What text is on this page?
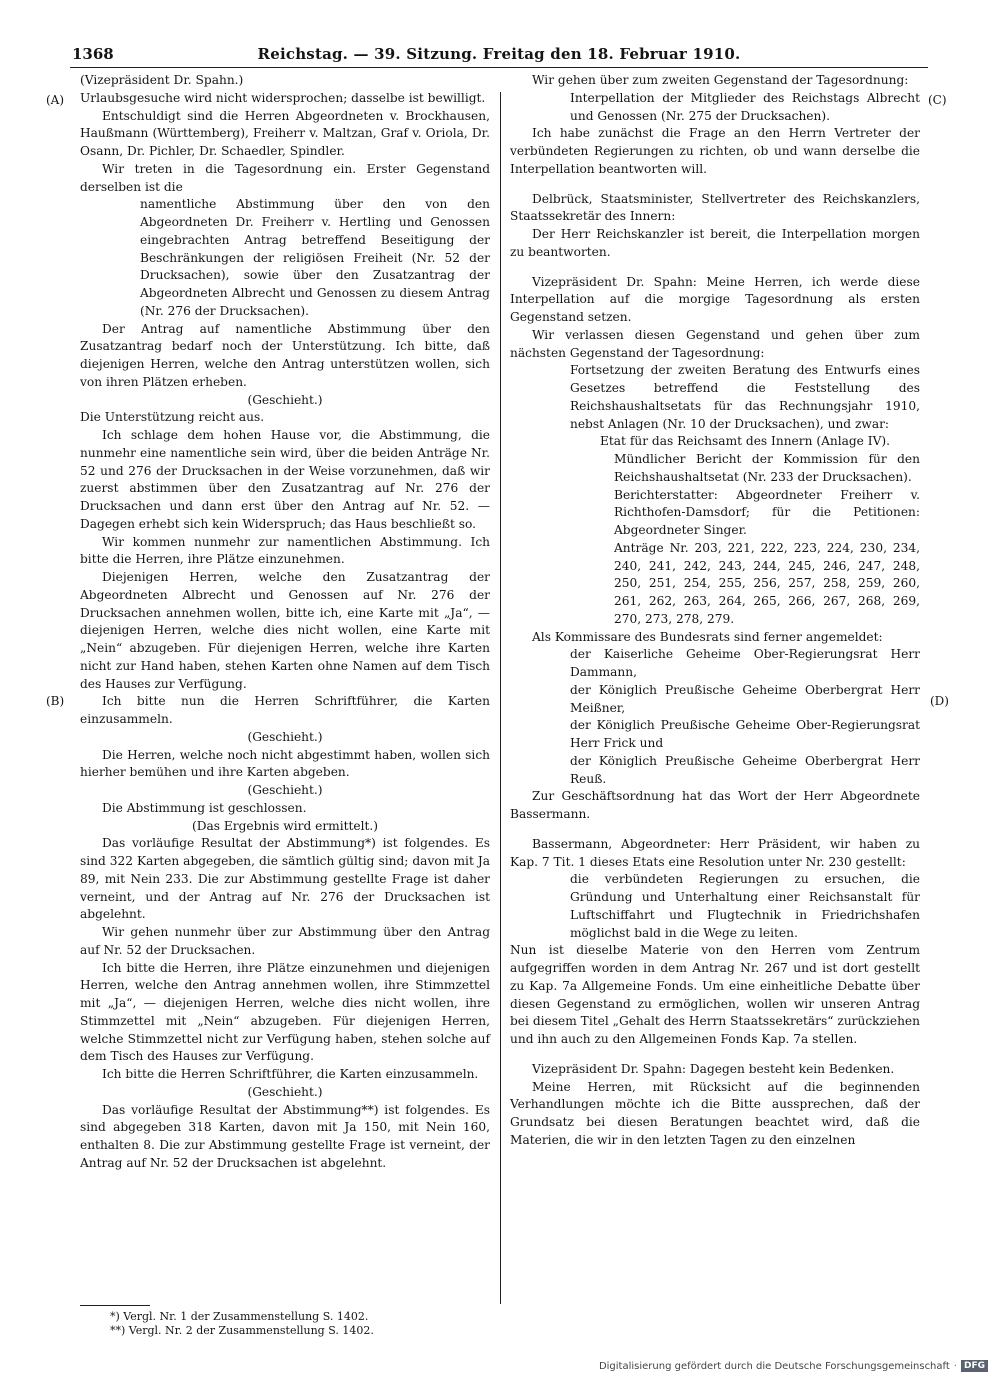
1368	Reichstag. — 39. Sitzung. Freitag den 18. Februar 1910.
(A)
(B)
(C)
(D)

(Vizepräsident Dr. Spahn.)

Urlaubsgesuche wird nicht widersprochen; dasselbe ist bewilligt.

Entschuldigt sind die Herren Abgeordneten v. Brockhausen, Haußmann (Württemberg), Freiherr v. Maltzan, Graf v. Oriola, Dr. Osann, Dr. Pichler, Dr. Schaedler, Spindler.

Wir treten in die Tagesordnung ein. Erster Gegenstand derselben ist die

namentliche Abstimmung über den von den Abgeordneten Dr. Freiherr v. Hertling und Genossen eingebrachten Antrag betreffend Beseitigung der Beschränkungen der religiösen Freiheit (Nr. 52 der Drucksachen), sowie über den Zusatzantrag der Abgeordneten Albrecht und Genossen zu diesem Antrag (Nr. 276 der Drucksachen).

Der Antrag auf namentliche Abstimmung über den Zusatzantrag bedarf noch der Unterstützung. Ich bitte, daß diejenigen Herren, welche den Antrag unterstützen wollen, sich von ihren Plätzen erheben.

(Geschieht.)

Die Unterstützung reicht aus.

Ich schlage dem hohen Hause vor, die Abstimmung, die nunmehr eine namentliche sein wird, über die beiden Anträge Nr. 52 und 276 der Drucksachen in der Weise vorzunehmen, daß wir zuerst abstimmen über den Zusatzantrag auf Nr. 276 der Drucksachen und dann erst über den Antrag auf Nr. 52. — Dagegen erhebt sich kein Widerspruch; das Haus beschließt so.

Wir kommen nunmehr zur namentlichen Abstimmung. Ich bitte die Herren, ihre Plätze einzunehmen.

Diejenigen Herren, welche den Zusatzantrag der Abgeordneten Albrecht und Genossen auf Nr. 276 der Drucksachen annehmen wollen, bitte ich, eine Karte mit „Ja“, — diejenigen Herren, welche dies nicht wollen, eine Karte mit „Nein“ abzugeben. Für diejenigen Herren, welche ihre Karten nicht zur Hand haben, stehen Karten ohne Namen auf dem Tisch des Hauses zur Verfügung.

Ich bitte nun die Herren Schriftführer, die Karten einzusammeln.

(Geschieht.)

Die Herren, welche noch nicht abgestimmt haben, wollen sich hierher bemühen und ihre Karten abgeben.

(Geschieht.)

Die Abstimmung ist geschlossen.

(Das Ergebnis wird ermittelt.)

Das vorläufige Resultat der Abstimmung*) ist folgendes. Es sind 322 Karten abgegeben, die sämtlich gültig sind; davon mit Ja 89, mit Nein 233. Die zur Abstimmung gestellte Frage ist daher verneint, und der Antrag auf Nr. 276 der Drucksachen ist abgelehnt.

Wir gehen nunmehr über zur Abstimmung über den Antrag auf Nr. 52 der Drucksachen.

Ich bitte die Herren, ihre Plätze einzunehmen und diejenigen Herren, welche den Antrag annehmen wollen, ihre Stimmzettel mit „Ja“, — diejenigen Herren, welche dies nicht wollen, ihre Stimmzettel mit „Nein“ abzugeben. Für diejenigen Herren, welche Stimmzettel nicht zur Verfügung haben, stehen solche auf dem Tisch des Hauses zur Verfügung.

Ich bitte die Herren Schriftführer, die Karten einzusammeln.

(Geschieht.)

Das vorläufige Resultat der Abstimmung**) ist folgendes. Es sind abgegeben 318 Karten, davon mit Ja 150, mit Nein 160, enthalten 8. Die zur Abstimmung gestellte Frage ist verneint, der Antrag auf Nr. 52 der Drucksachen ist abgelehnt.

Wir gehen über zum zweiten Gegenstand der Tagesordnung:

Interpellation der Mitglieder des Reichstags Albrecht und Genossen (Nr. 275 der Drucksachen).

Ich habe zunächst die Frage an den Herrn Vertreter der verbündeten Regierungen zu richten, ob und wann derselbe die Interpellation beantworten will.

Delbrück, Staatsminister, Stellvertreter des Reichskanzlers, Staatssekretär des Innern:

Der Herr Reichskanzler ist bereit, die Interpellation morgen zu beantworten.

Vizepräsident Dr. Spahn: Meine Herren, ich werde diese Interpellation auf die morgige Tagesordnung als ersten Gegenstand setzen.

Wir verlassen diesen Gegenstand und gehen über zum nächsten Gegenstand der Tagesordnung:

Fortsetzung der zweiten Beratung des Entwurfs eines Gesetzes betreffend die Feststellung des Reichshaushaltsetats für das Rechnungsjahr 1910, nebst Anlagen (Nr. 10 der Drucksachen), und zwar:

Etat für das Reichsamt des Innern (Anlage IV).

Mündlicher Bericht der Kommission für den Reichshaushaltsetat (Nr. 233 der Drucksachen).

Berichterstatter: Abgeordneter Freiherr v. Richthofen-Damsdorf; für die Petitionen: Abgeordneter Singer.

Anträge Nr. 203, 221, 222, 223, 224, 230, 234, 240, 241, 242, 243, 244, 245, 246, 247, 248, 250, 251, 254, 255, 256, 257, 258, 259, 260, 261, 262, 263, 264, 265, 266, 267, 268, 269, 270, 273, 278, 279.

Als Kommissare des Bundesrats sind ferner angemeldet:

der Kaiserliche Geheime Ober-Regierungsrat Herr Dammann,

der Königlich Preußische Geheime Oberbergrat Herr Meißner,

der Königlich Preußische Geheime Ober-Regierungsrat Herr Frick und

der Königlich Preußische Geheime Oberbergrat Herr Reuß.

Zur Geschäftsordnung hat das Wort der Herr Abgeordnete Bassermann.

Bassermann, Abgeordneter: Herr Präsident, wir haben zu Kap. 7 Tit. 1 dieses Etats eine Resolution unter Nr. 230 gestellt:

die verbündeten Regierungen zu ersuchen, die Gründung und Unterhaltung einer Reichsanstalt für Luftschiffahrt und Flugtechnik in Friedrichshafen möglichst bald in die Wege zu leiten.

Nun ist dieselbe Materie von den Herren vom Zentrum aufgegriffen worden in dem Antrag Nr. 267 und ist dort gestellt zu Kap. 7a Allgemeine Fonds. Um eine einheitliche Debatte über diesen Gegenstand zu ermöglichen, wollen wir unseren Antrag bei diesem Titel „Gehalt des Herrn Staatssekretärs“ zurückziehen und ihn auch zu den Allgemeinen Fonds Kap. 7a stellen.

Vizepräsident Dr. Spahn: Dagegen besteht kein Bedenken.

Meine Herren, mit Rücksicht auf die beginnenden Verhandlungen möchte ich die Bitte aussprechen, daß der Grundsatz bei diesen Beratungen beachtet wird, daß die Materien, die wir in den letzten Tagen zu den einzelnen

*) Vergl. Nr. 1 der Zusammenstellung S. 1402.
**) Vergl. Nr. 2 der Zusammenstellung S. 1402.
Digitalisierung gefördert durch die Deutsche Forschungsgemeinschaft · DFG
